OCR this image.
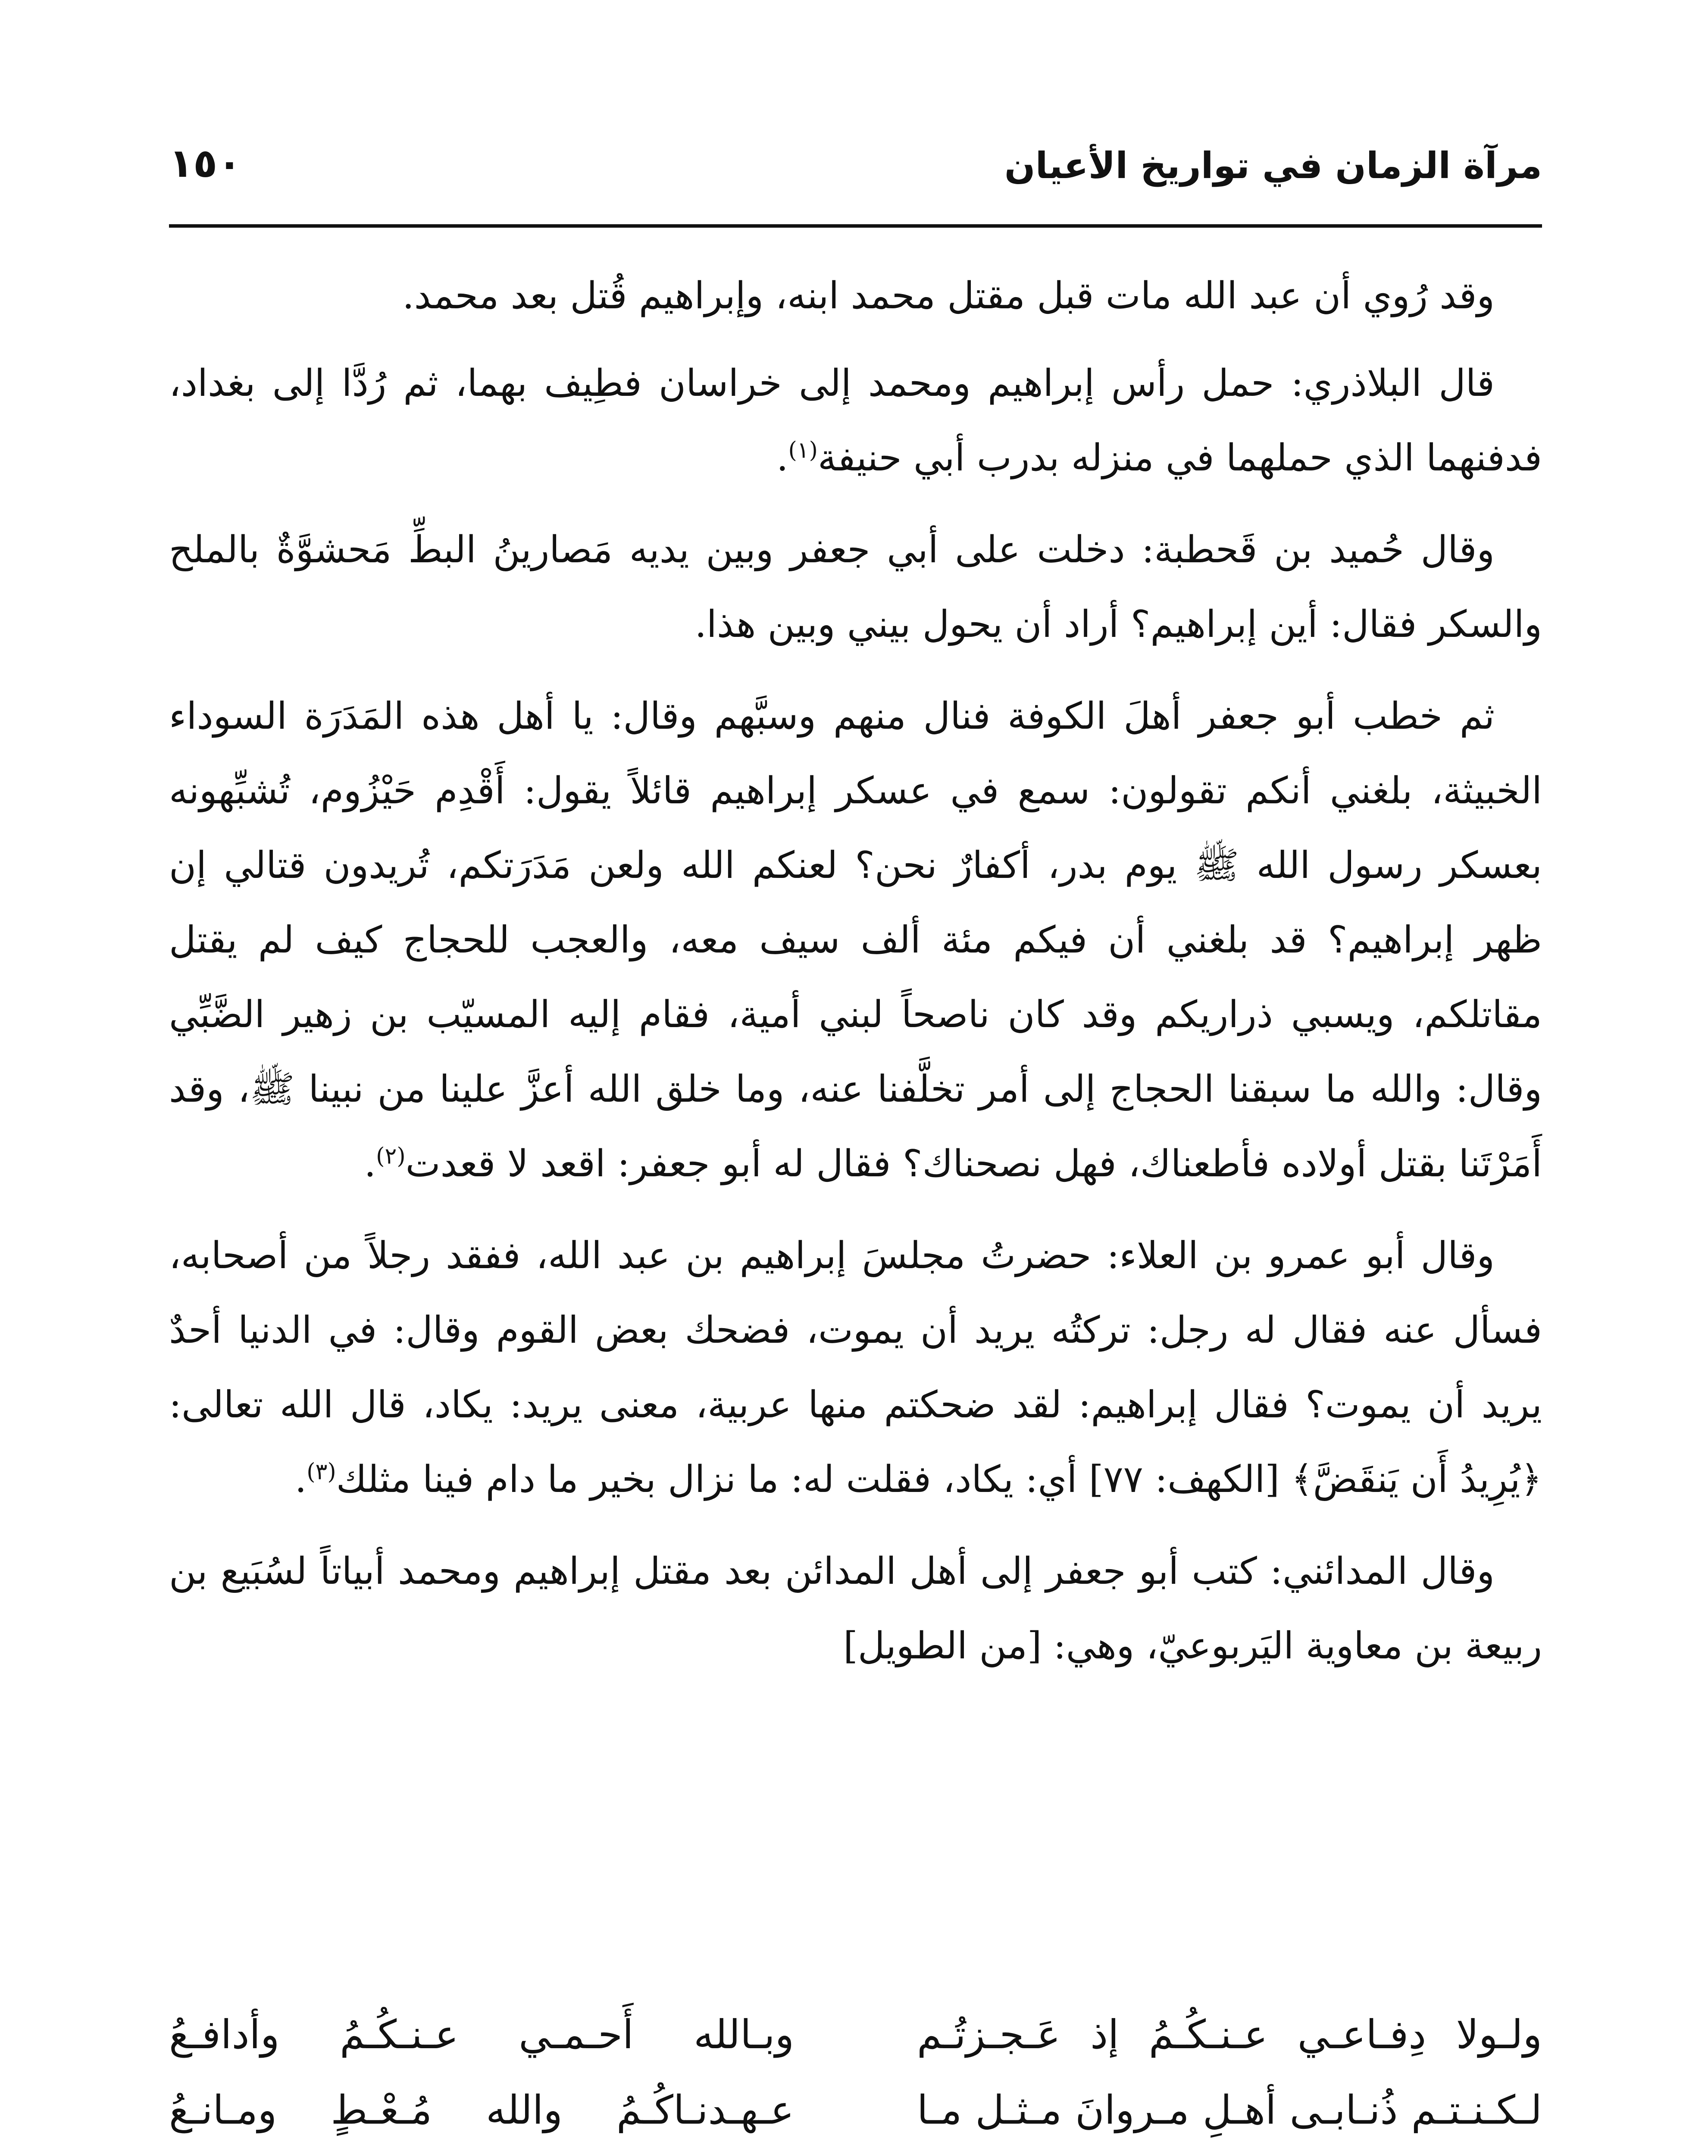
مرآة الزمان في تواريخ الأعيان
١٥٠

وقد رُوي أن عبد الله مات قبل مقتل محمد ابنه، وإبراهيم قُتل بعد محمد.

قال البلاذري: حمل رأس إبراهيم ومحمد إلى خراسان فطِيف بهما، ثم رُدَّا إلى بغداد، فدفنهما الذي حملهما في منزله بدرب أبي حنيفة$^{(١)}$.

وقال حُميد بن قَحطبة: دخلت على أبي جعفر وبين يديه مَصارينُ البطِّ مَحشوَّةٌ بالملح والسكر فقال: أين إبراهيم؟ أراد أن يحول بيني وبين هذا.

ثم خطب أبو جعفر أهلَ الكوفة فنال منهم وسبَّهم وقال: يا أهل هذه المَدَرَة السوداء الخبيثة، بلغني أنكم تقولون: سمع في عسكر إبراهيم قائلاً يقول: أَقْدِم حَيْزُوم، تُشبِّهونه بعسكر رسول الله ﷺ يوم بدر، أكفارٌ نحن؟ لعنكم الله ولعن مَدَرَتكم، تُريدون قتالي إن ظهر إبراهيم؟ قد بلغني أن فيكم مئة ألف سيف معه، والعجب للحجاج كيف لم يقتل مقاتلكم، ويسبي ذراريكم وقد كان ناصحاً لبني أمية، فقام إليه المسيّب بن زهير الضَّبِّي وقال: والله ما سبقنا الحجاج إلى أمر تخلَّفنا عنه، وما خلق الله أعزَّ علينا من نبينا ﷺ، وقد أَمَرْتَنا بقتل أولاده فأطعناك، فهل نصحناك؟ فقال له أبو جعفر: اقعد لا قعدت$^{(٢)}$.

وقال أبو عمرو بن العلاء: حضرتُ مجلسَ إبراهيم بن عبد الله، ففقد رجلاً من أصحابه، فسأل عنه فقال له رجل: تركتُه يريد أن يموت، فضحك بعض القوم وقال: في الدنيا أحدٌ يريد أن يموت؟ فقال إبراهيم: لقد ضحكتم منها عربية، معنى يريد: يكاد، قال الله تعالى: ﴿يُرِيدُ أَن يَنقَضَّ﴾ [الكهف: ٧٧] أي: يكاد، فقلت له: ما نزال بخير ما دام فينا مثلك$^{(٣)}$.

وقال المدائني: كتب أبو جعفر إلى أهل المدائن بعد مقتل إبراهيم ومحمد أبياتاً لسُبَيع بن ربيعة بن معاوية اليَربوعيّ، وهي: [من الطويل]

ولـولا دِفـاعـي عـنـكُـمُ إذ عَـجـزتُـم
وبـالله أَحـمـي عـنـكُـمُ وأدافـعُ
لـكـنـتـم ذُنـابـى أهـلِ مـروانَ مـثـل مـا
عـهـدنـاكُـمُ والله مُـعْـطٍ ومـانـعُ
